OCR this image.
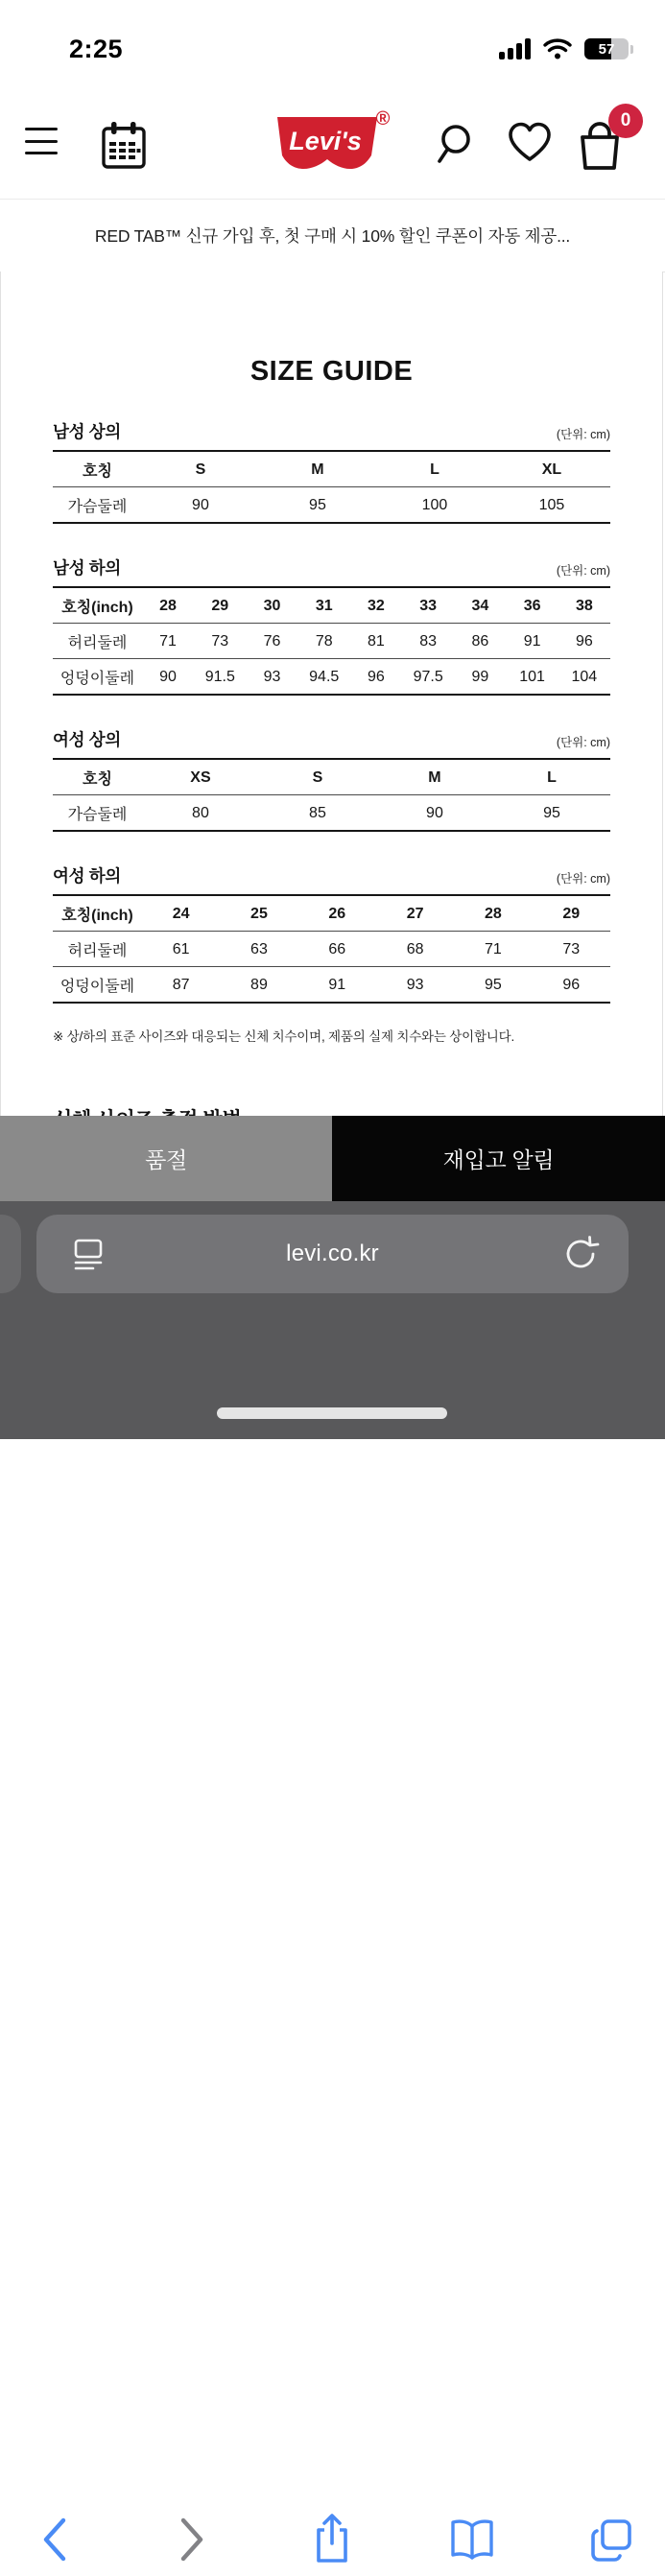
2:25	57
Levi's
®	0
RED TAB™ 신규 가입 후, 첫 구매 시 10% 할인 쿠폰이 자동 제공...
SIZE GUIDE
남성 상의	(단위: cm)
호칭	S	M	L	XL
가슴둘레	90	95	100	105
남성 하의	(단위: cm)
호칭(inch)	28	29	30	31	32	33	34	36	38
허리둘레	71	73	76	78	81	83	86	91	96
엉덩이둘레	90	91.5	93	94.5	96	97.5	99	101	104
여성 상의	(단위: cm)
호칭	XS	S	M	L
가슴둘레	80	85	90	95
여성 하의	(단위: cm)
호칭(inch)	24	25	26	27	28	29
허리둘레	61	63	66	68	71	73
엉덩이둘레	87	89	91	93	95	96

※ 상/하의 표준 사이즈와 대응되는 신체 치수이며, 제품의 실제 치수와는 상이합니다.

품절	재입고 알림
levi.co.kr
